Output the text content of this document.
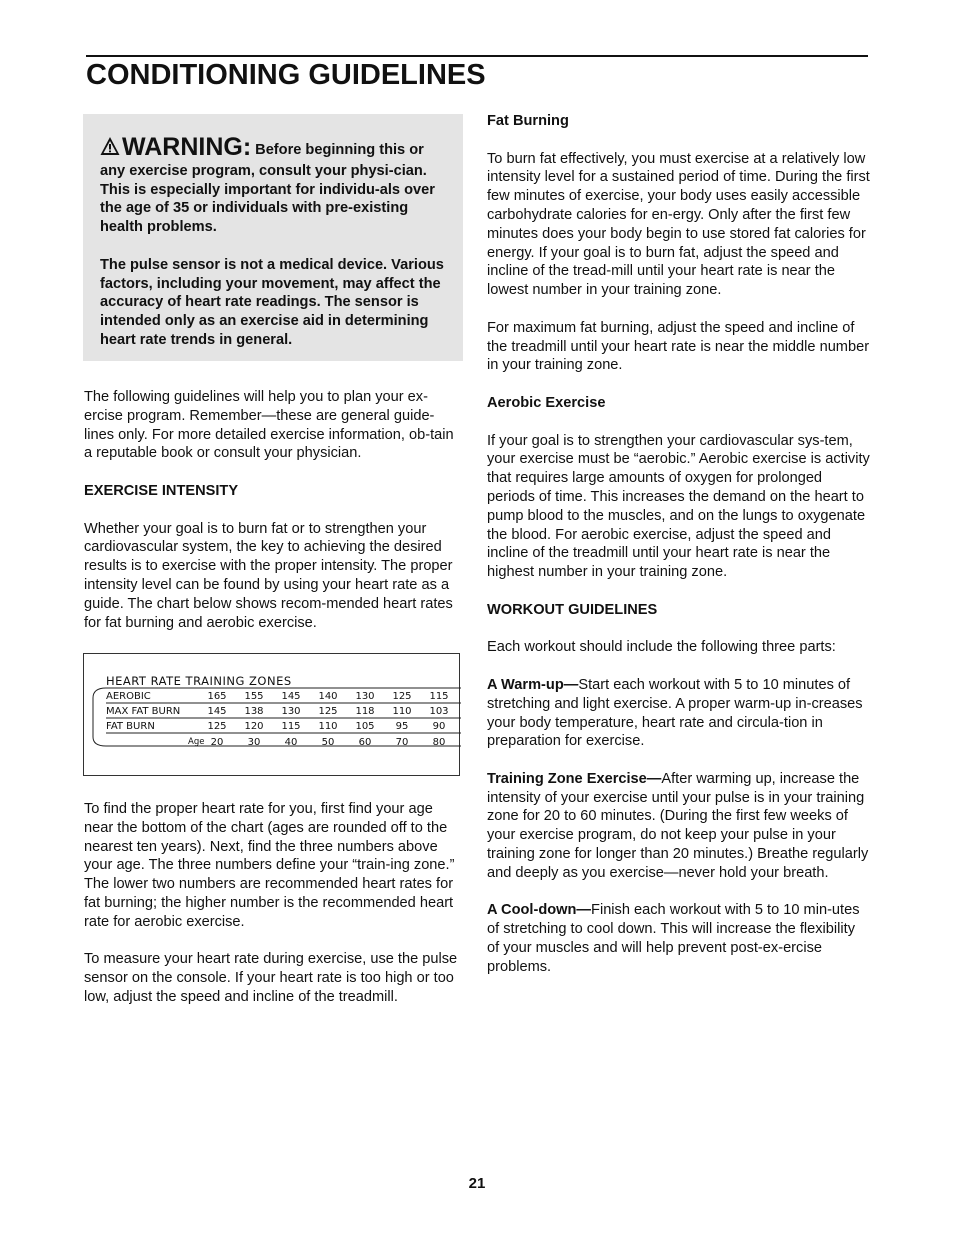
CONDITIONING GUIDELINES

WARNING: Before beginning this or any exercise program, consult your physi-cian. This is especially important for individu-als over the age of 35 or individuals with pre-existing health problems.

The pulse sensor is not a medical device. Various factors, including your movement, may affect the accuracy of heart rate readings. The sensor is intended only as an exercise aid in determining heart rate trends in general.

The following guidelines will help you to plan your ex-ercise program. Remember—these are general guide-lines only. For more detailed exercise information, ob-tain a reputable book or consult your physician.

EXERCISE INTENSITY

Whether your goal is to burn fat or to strengthen your cardiovascular system, the key to achieving the desired results is to exercise with the proper intensity. The proper intensity level can be found by using your heart rate as a guide. The chart below shows recom-mended heart rates for fat burning and aerobic exercise.

HEART RATE TRAINING ZONES
AEROBIC	165 155 145 140 130 125 115
MAX FAT BURN	145 138 130 125 118 110 103
FAT BURN	125 120 115 110 105 95 90
Age 20 30 40 50 60 70 80

To find the proper heart rate for you, first find your age near the bottom of the chart (ages are rounded off to the nearest ten years). Next, find the three numbers above your age. The three numbers define your “train-ing zone.” The lower two numbers are recommended heart rates for fat burning; the higher number is the recommended heart rate for aerobic exercise.

To measure your heart rate during exercise, use the pulse sensor on the console. If your heart rate is too high or too low, adjust the speed and incline of the treadmill.

Fat Burning

To burn fat effectively, you must exercise at a relatively low intensity level for a sustained period of time. During the first few minutes of exercise, your body uses easily accessible carbohydrate calories for en-ergy. Only after the first few minutes does your body begin to use stored fat calories for energy. If your goal is to burn fat, adjust the speed and incline of the tread-mill until your heart rate is near the lowest number in your training zone.

For maximum fat burning, adjust the speed and incline of the treadmill until your heart rate is near the middle number in your training zone.

Aerobic Exercise

If your goal is to strengthen your cardiovascular sys-tem, your exercise must be “aerobic.” Aerobic exercise is activity that requires large amounts of oxygen for prolonged periods of time. This increases the demand on the heart to pump blood to the muscles, and on the lungs to oxygenate the blood. For aerobic exercise, adjust the speed and incline of the treadmill until your heart rate is near the highest number in your training zone.

WORKOUT GUIDELINES

Each workout should include the following three parts:

A Warm-up—Start each workout with 5 to 10 minutes of stretching and light exercise. A proper warm-up in-creases your body temperature, heart rate and circula-tion in preparation for exercise.

Training Zone Exercise—After warming up, increase the intensity of your exercise until your pulse is in your training zone for 20 to 60 minutes. (During the first few weeks of your exercise program, do not keep your pulse in your training zone for longer than 20 minutes.) Breathe regularly and deeply as you exercise—never hold your breath.

A Cool-down—Finish each workout with 5 to 10 min-utes of stretching to cool down. This will increase the flexibility of your muscles and will help prevent post-ex-ercise problems.

21
